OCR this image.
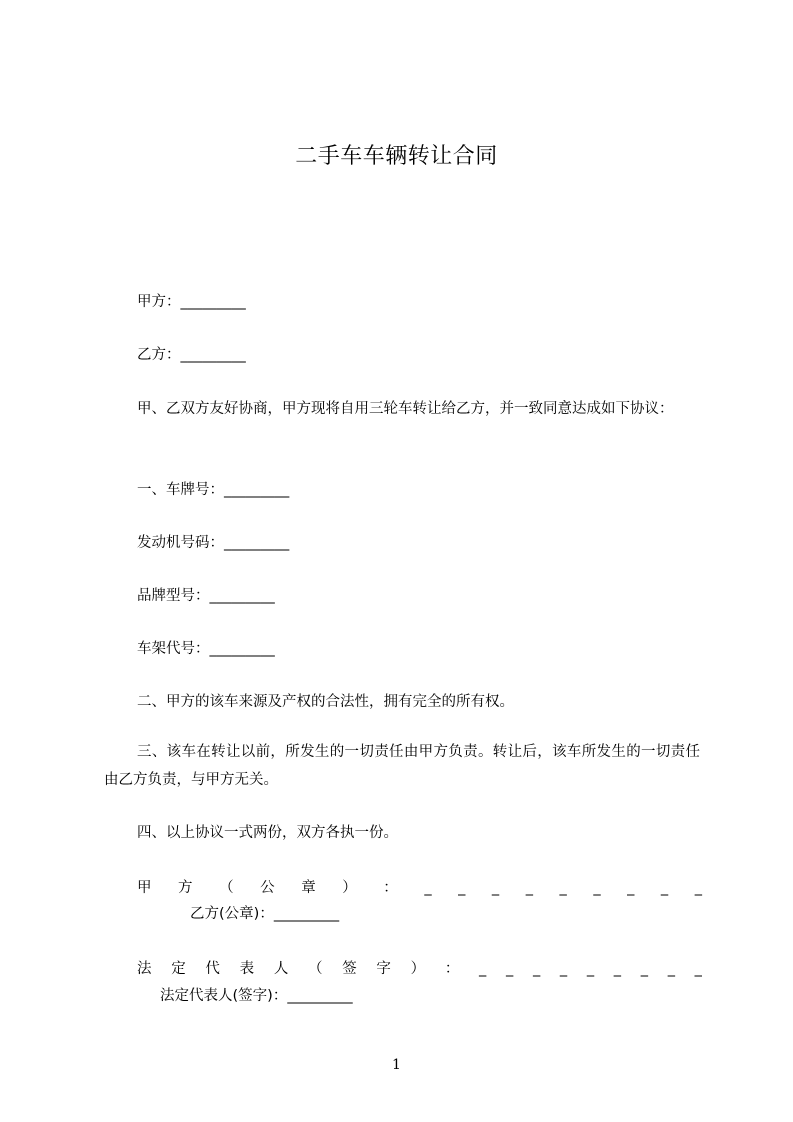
二手车车辆转让合同
甲方：_________
乙方：_________
甲、乙双方友好协商，甲方现将自用三轮车转让给乙方，并一致同意达成如下协议：
一、车牌号：_________
发动机号码：_________
品牌型号：_________
车架代号：_________
二、甲方的该车来源及产权的合法性，拥有完全的所有权。
三、该车在转让以前，所发生的一切责任由甲方负责。转让后，该车所发生的一切责任由乙方负责，与甲方无关。
四、以上协议一式两份，双方各执一份。
甲 方 （ 公 章 ） ： _ _ _ _ _ _ _ _ _
乙方(公章)：_________
法 定 代 表 人 （ 签 字 ） ： _ _ _ _ _ _ _ _ _
法定代表人(签字)：_________
1
